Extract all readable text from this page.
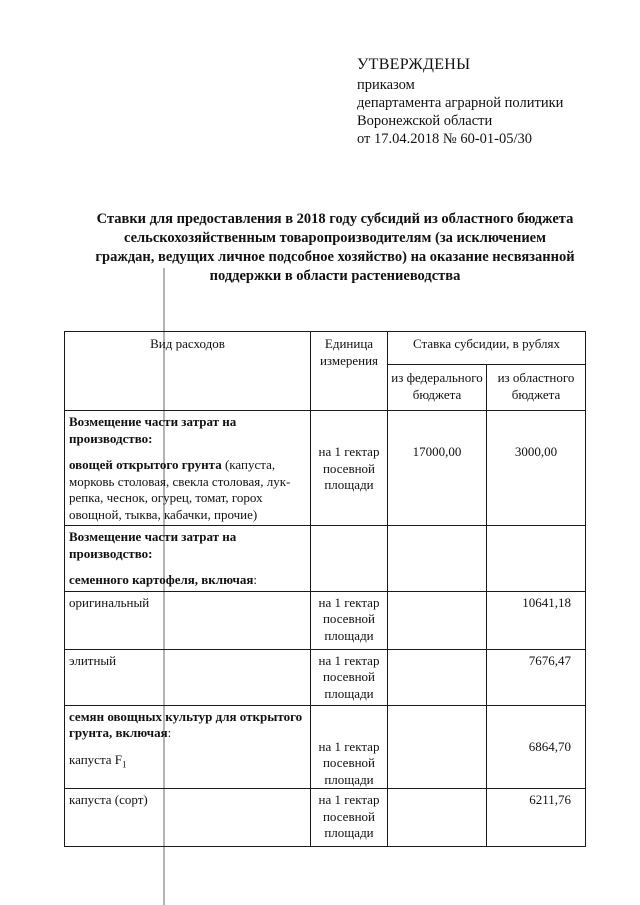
УТВЕРЖДЕНЫ
приказом
департамента аграрной политики
Воронежской области
от 17.04.2018 № 60-01-05/30
Ставки для предоставления в 2018 году субсидий из областного бюджета
сельскохозяйственным товаропроизводителям (за исключением
граждан, ведущих личное подсобное хозяйство) на оказание несвязанной
поддержки в области растениеводства
Вид расходов	Единица измерения	Ставка субсидии, в рублях	
		из федерального бюджета	из областного бюджета

Возмещение части затрат на производство:
овощей открытого грунта (капуста, морковь столовая, свекла столовая, лук-репка, чеснок, огурец, томат, горох овощной, тыква, кабачки, прочие)	на 1 гектар посевной площади	17000,00	3000,00

Возмещение части затрат на производство:
семенного картофеля, включая:			

оригинальный	на 1 гектар посевной площади		10641,18
элитный	на 1 гектар посевной площади		7676,47

семян овощных культур для открытого грунта, включая:
капуста $F_1$	на 1 гектар посевной площади		6864,70
капуста (сорт)	на 1 гектар посевной площади		6211,76
